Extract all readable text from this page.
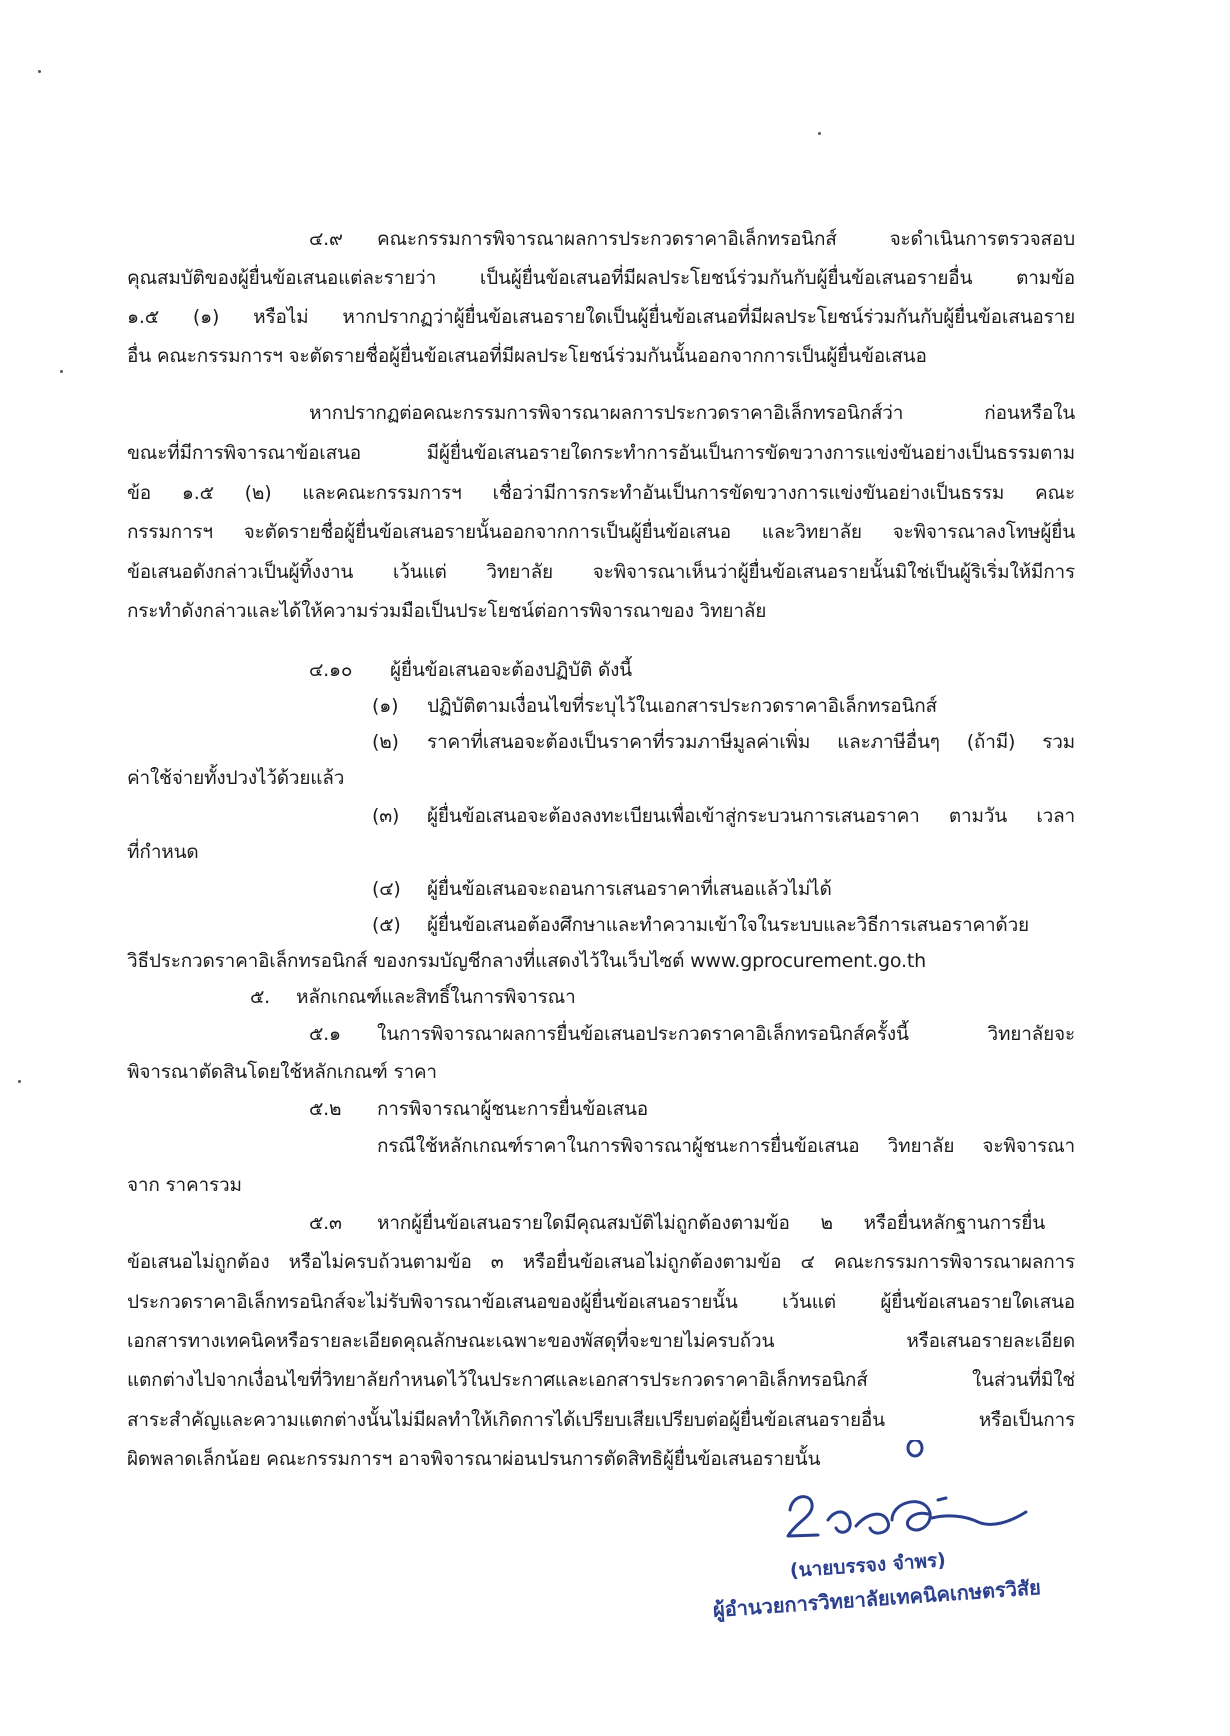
๔.๙ คณะกรรมการพิจารณาผลการประกวดราคาอิเล็กทรอนิกส์ จะดำเนินการตรวจสอบ
คุณสมบัติของผู้ยื่นข้อเสนอแต่ละรายว่า เป็นผู้ยื่นข้อเสนอที่มีผลประโยชน์ร่วมกันกับผู้ยื่นข้อเสนอรายอื่น ตามข้อ
๑.๕ (๑) หรือไม่ หากปรากฏว่าผู้ยื่นข้อเสนอรายใดเป็นผู้ยื่นข้อเสนอที่มีผลประโยชน์ร่วมกันกับผู้ยื่นข้อเสนอราย
อื่น คณะกรรมการฯ จะตัดรายชื่อผู้ยื่นข้อเสนอที่มีผลประโยชน์ร่วมกันนั้นออกจากการเป็นผู้ยื่นข้อเสนอ
หากปรากฏต่อคณะกรรมการพิจารณาผลการประกวดราคาอิเล็กทรอนิกส์ว่า ก่อนหรือใน
ขณะที่มีการพิจารณาข้อเสนอ มีผู้ยื่นข้อเสนอรายใดกระทำการอันเป็นการขัดขวางการแข่งขันอย่างเป็นธรรมตาม
ข้อ ๑.๕ (๒) และคณะกรรมการฯ เชื่อว่ามีการกระทำอันเป็นการขัดขวางการแข่งขันอย่างเป็นธรรม คณะ
กรรมการฯ จะตัดรายชื่อผู้ยื่นข้อเสนอรายนั้นออกจากการเป็นผู้ยื่นข้อเสนอ และวิทยาลัย จะพิจารณาลงโทษผู้ยื่น
ข้อเสนอดังกล่าวเป็นผู้ทิ้งงาน เว้นแต่ วิทยาลัย จะพิจารณาเห็นว่าผู้ยื่นข้อเสนอรายนั้นมิใช่เป็นผู้ริเริ่มให้มีการ
กระทำดังกล่าวและได้ให้ความร่วมมือเป็นประโยชน์ต่อการพิจารณาของ วิทยาลัย
๔.๑๐ ผู้ยื่นข้อเสนอจะต้องปฏิบัติ ดังนี้
(๑) ปฏิบัติตามเงื่อนไขที่ระบุไว้ในเอกสารประกวดราคาอิเล็กทรอนิกส์
(๒) ราคาที่เสนอจะต้องเป็นราคาที่รวมภาษีมูลค่าเพิ่ม และภาษีอื่นๆ (ถ้ามี) รวม
ค่าใช้จ่ายทั้งปวงไว้ด้วยแล้ว
(๓) ผู้ยื่นข้อเสนอจะต้องลงทะเบียนเพื่อเข้าสู่กระบวนการเสนอราคา ตามวัน เวลา
ที่กำหนด
(๔) ผู้ยื่นข้อเสนอจะถอนการเสนอราคาที่เสนอแล้วไม่ได้
(๕) ผู้ยื่นข้อเสนอต้องศึกษาและทำความเข้าใจในระบบและวิธีการเสนอราคาด้วย
วิธีประกวดราคาอิเล็กทรอนิกส์ ของกรมบัญชีกลางที่แสดงไว้ในเว็บไซต์ www.gprocurement.go.th
๕. หลักเกณฑ์และสิทธิ์ในการพิจารณา
๕.๑ ในการพิจารณาผลการยื่นข้อเสนอประกวดราคาอิเล็กทรอนิกส์ครั้งนี้ วิทยาลัยจะ
พิจารณาตัดสินโดยใช้หลักเกณฑ์ ราคา
๕.๒ การพิจารณาผู้ชนะการยื่นข้อเสนอ
กรณีใช้หลักเกณฑ์ราคาในการพิจารณาผู้ชนะการยื่นข้อเสนอ วิทยาลัย จะพิจารณา
จาก ราคารวม
๕.๓ หากผู้ยื่นข้อเสนอรายใดมีคุณสมบัติไม่ถูกต้องตามข้อ ๒ หรือยื่นหลักฐานการยื่น
ข้อเสนอไม่ถูกต้อง หรือไม่ครบถ้วนตามข้อ ๓ หรือยื่นข้อเสนอไม่ถูกต้องตามข้อ ๔ คณะกรรมการพิจารณาผลการ
ประกวดราคาอิเล็กทรอนิกส์จะไม่รับพิจารณาข้อเสนอของผู้ยื่นข้อเสนอรายนั้น เว้นแต่ ผู้ยื่นข้อเสนอรายใดเสนอ
เอกสารทางเทคนิคหรือรายละเอียดคุณลักษณะเฉพาะของพัสดุที่จะขายไม่ครบถ้วน หรือเสนอรายละเอียด
แตกต่างไปจากเงื่อนไขที่วิทยาลัยกำหนดไว้ในประกาศและเอกสารประกวดราคาอิเล็กทรอนิกส์ ในส่วนที่มิใช่
สาระสำคัญและความแตกต่างนั้นไม่มีผลทำให้เกิดการได้เปรียบเสียเปรียบต่อผู้ยื่นข้อเสนอรายอื่น หรือเป็นการ
ผิดพลาดเล็กน้อย คณะกรรมการฯ อาจพิจารณาผ่อนปรนการตัดสิทธิผู้ยื่นข้อเสนอรายนั้น
(นายบรรจง จำพร)
ผู้อำนวยการวิทยาลัยเทคนิคเกษตรวิสัย
